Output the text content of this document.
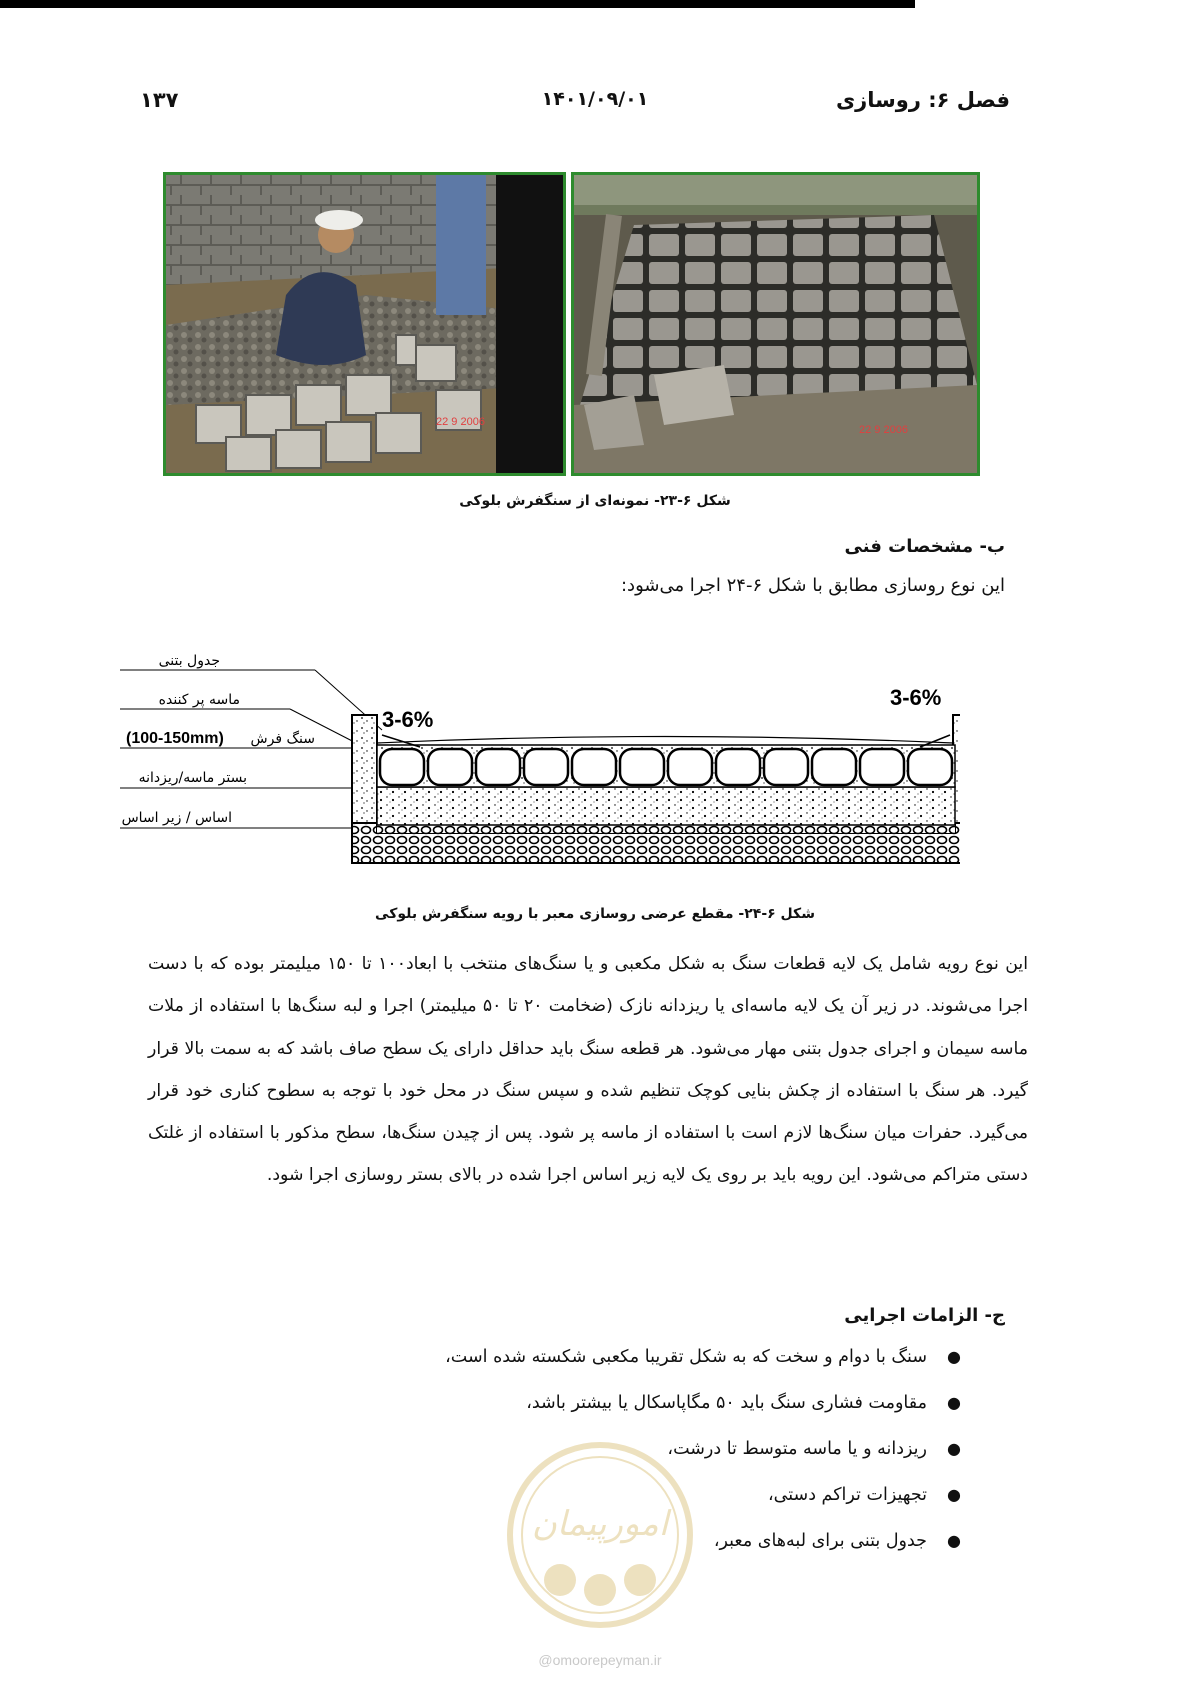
فصل ۶: روسازی
۱۴۰۱/۰۹/۰۱
۱۳۷
22 9 2006
22 9 2006
شکل ۶-۲۳- نمونه‌ای از سنگفرش بلوکی
ب- مشخصات فنی
این نوع روسازی مطابق با شکل ۶-۲۴ اجرا می‌شود:
جدول بتنی
ماسه پر کننده
سنگ فرش
بستر ماسه/ریزدانه
اساس / زیر اساس
(100-150mm)
3-6%
3-6%
شکل ۶-۲۴- مقطع عرضی روسازی معبر با رویه سنگفرش بلوکی
این نوع رویه شامل یک لایه قطعات سنگ به شکل مکعبی و یا سنگ‌های منتخب با ابعاد۱۰۰ تا ۱۵۰ میلیمتر بوده که با دست اجرا می‌شوند. در زیر آن یک لایه ماسه‌ای یا ریزدانه نازک (ضخامت ۲۰ تا ۵۰ میلیمتر) اجرا و لبه سنگ‌ها با استفاده از ملات ماسه سیمان و اجرای جدول بتنی مهار می‌شود. هر قطعه سنگ باید حداقل دارای یک سطح صاف باشد که به سمت بالا قرار گیرد. هر سنگ با استفاده از چکش بنایی کوچک تنظیم شده و سپس سنگ در محل خود با توجه به سطوح کناری خود قرار می‌گیرد. حفرات میان سنگ‌ها لازم است با استفاده از ماسه پر شود. پس از چیدن سنگ‌ها، سطح مذکور با استفاده از غلتک دستی متراکم می‌شود. این رویه باید بر روی یک لایه زیر اساس اجرا شده در بالای بستر روسازی اجرا شود.
ج- الزامات اجرایی
●
سنگ با دوام و سخت که به شکل تقریبا مکعبی شکسته شده است،
●
مقاومت فشاری سنگ باید ۵۰ مگاپاسکال یا بیشتر باشد،
●
ریزدانه و یا ماسه متوسط تا درشت،
●
تجهیزات تراکم دستی،
●
جدول بتنی برای لبه‌های معبر،
امورپیمان
@omoorepeyman.ir
